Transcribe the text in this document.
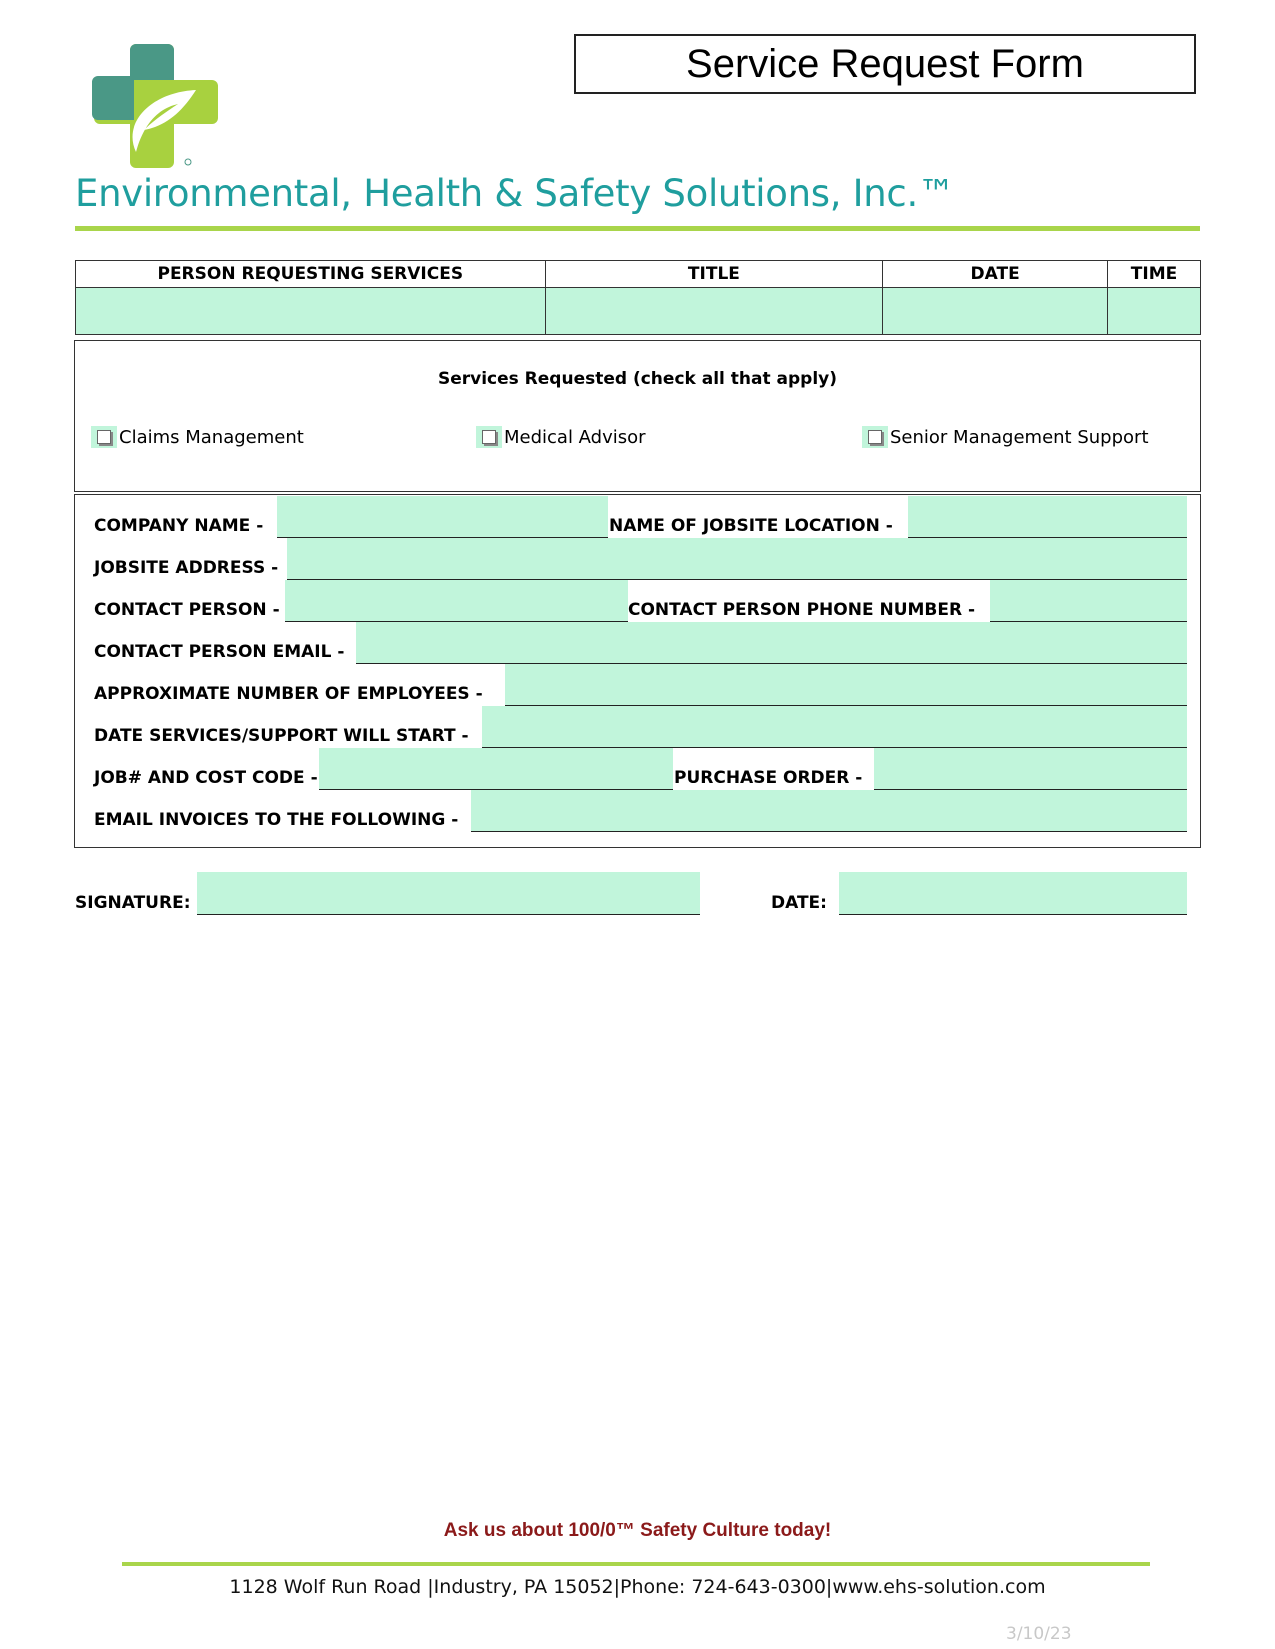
Service Request Form
Environmental, Health & Safety Solutions, Inc.™
PERSON REQUESTING SERVICES	TITLE	DATE	TIME

Services Requested (check all that apply)
Claims Management	Medical Advisor	Senior Management Support
COMPANY NAME -	NAME OF JOBSITE LOCATION -
JOBSITE ADDRESS -
CONTACT PERSON -	CONTACT PERSON PHONE NUMBER -
CONTACT PERSON EMAIL -
APPROXIMATE NUMBER OF EMPLOYEES -
DATE SERVICES/SUPPORT WILL START -
JOB# AND COST CODE -	PURCHASE ORDER -
EMAIL INVOICES TO THE FOLLOWING -
SIGNATURE:	DATE:
Ask us about 100/0™ Safety Culture today!
1128 Wolf Run Road |Industry, PA 15052|Phone: 724-643-0300|www.ehs-solution.com
3/10/23
